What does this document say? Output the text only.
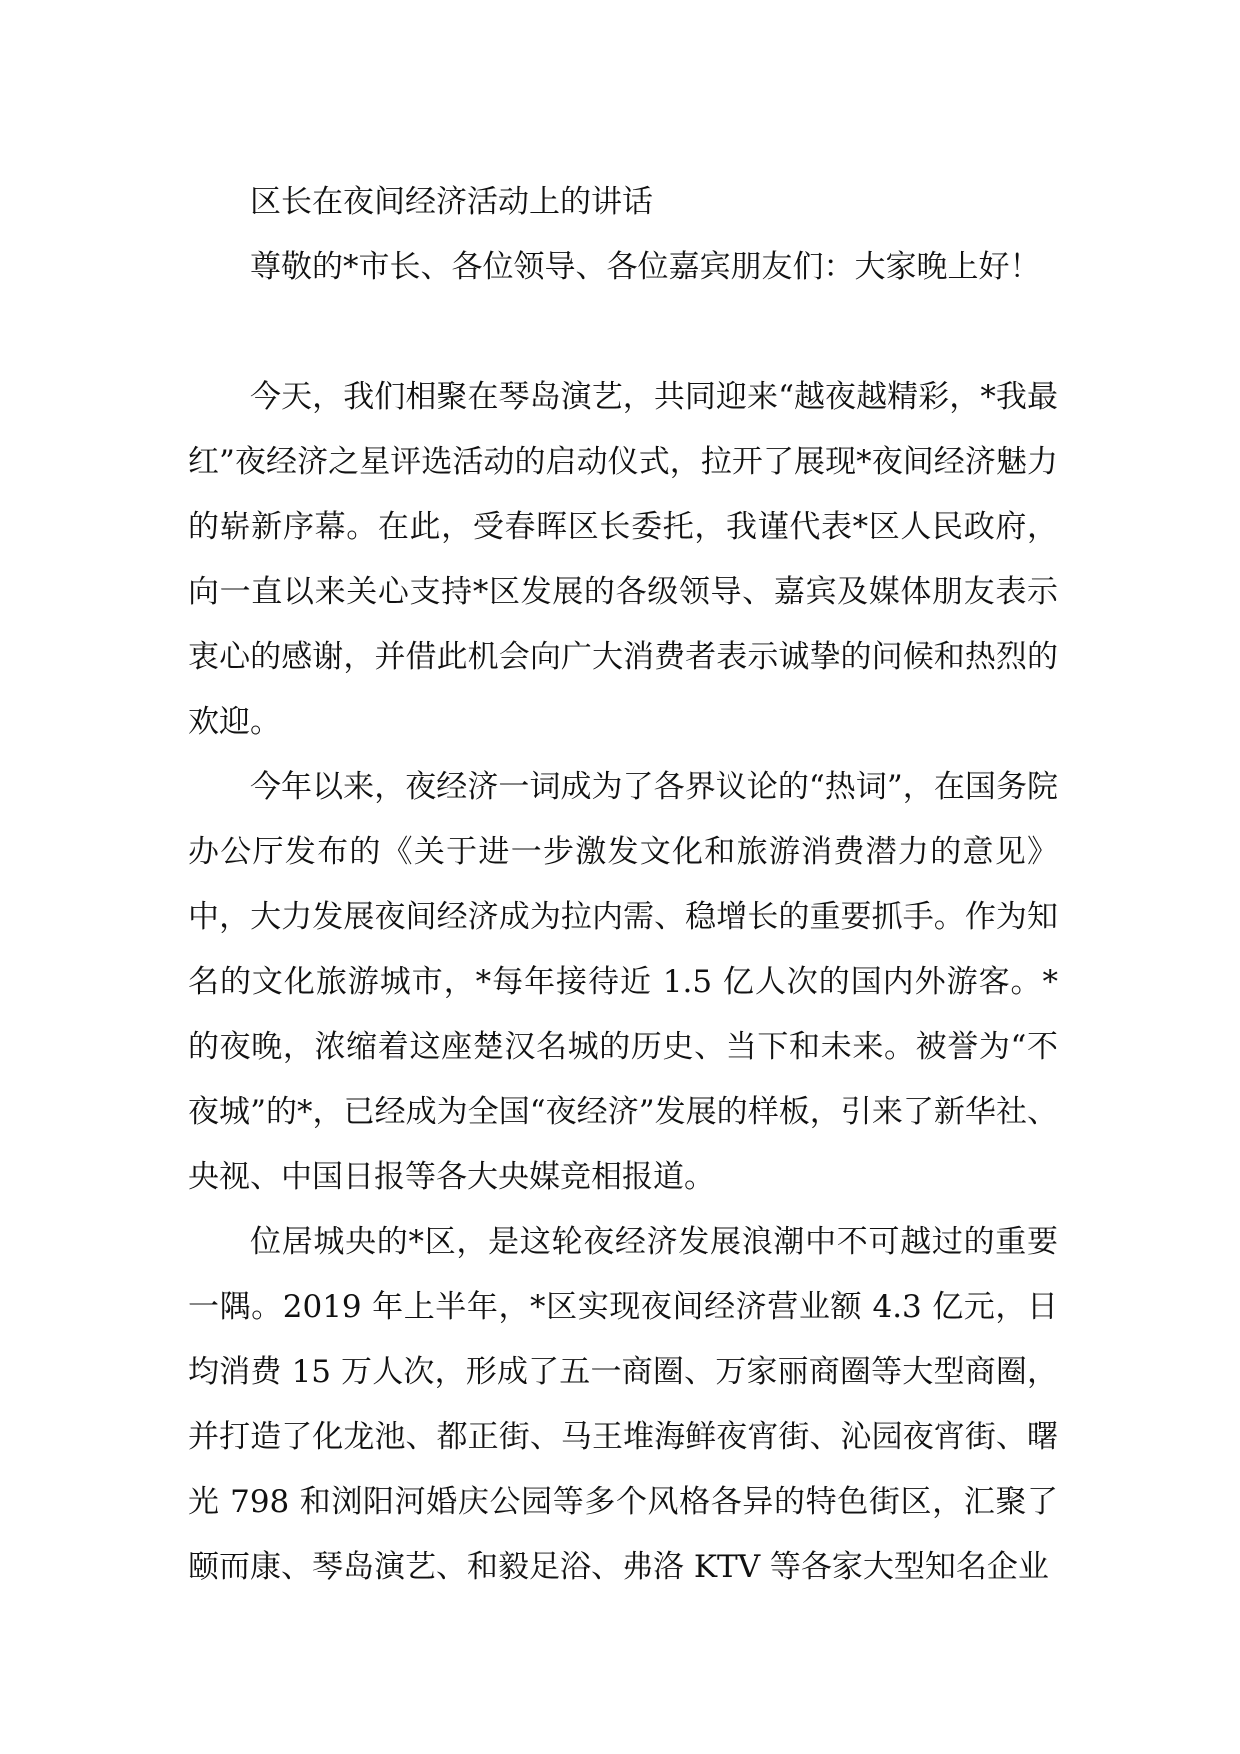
区长在夜间经济活动上的讲话

尊敬的*市长、各位领导、各位嘉宾朋友们：大家晚上好！

今天，我们相聚在琴岛演艺，共同迎来“越夜越精彩，*我最红”夜经济之星评选活动的启动仪式，拉开了展现*夜间经济魅力的崭新序幕。在此，受春晖区长委托，我谨代表*区人民政府，向一直以来关心支持*区发展的各级领导、嘉宾及媒体朋友表示衷心的感谢，并借此机会向广大消费者表示诚挚的问候和热烈的欢迎。

今年以来，夜经济一词成为了各界议论的“热词”，在国务院办公厅发布的《关于进一步激发文化和旅游消费潜力的意见》中，大力发展夜间经济成为拉内需、稳增长的重要抓手。作为知名的文化旅游城市，*每年接待近 1.5 亿人次的国内外游客。*的夜晚，浓缩着这座楚汉名城的历史、当下和未来。被誉为“不夜城”的*，已经成为全国“夜经济”发展的样板，引来了新华社、央视、中国日报等各大央媒竞相报道。

位居城央的*区，是这轮夜经济发展浪潮中不可越过的重要一隅。2019 年上半年，*区实现夜间经济营业额 4.3 亿元，日均消费 15 万人次，形成了五一商圈、万家丽商圈等大型商圈，并打造了化龙池、都正街、马王堆海鲜夜宵街、沁园夜宵街、曙光 798 和浏阳河婚庆公园等多个风格各异的特色街区，汇聚了颐而康、琴岛演艺、和毅足浴、弗洛 KTV 等各家大型知名企业
